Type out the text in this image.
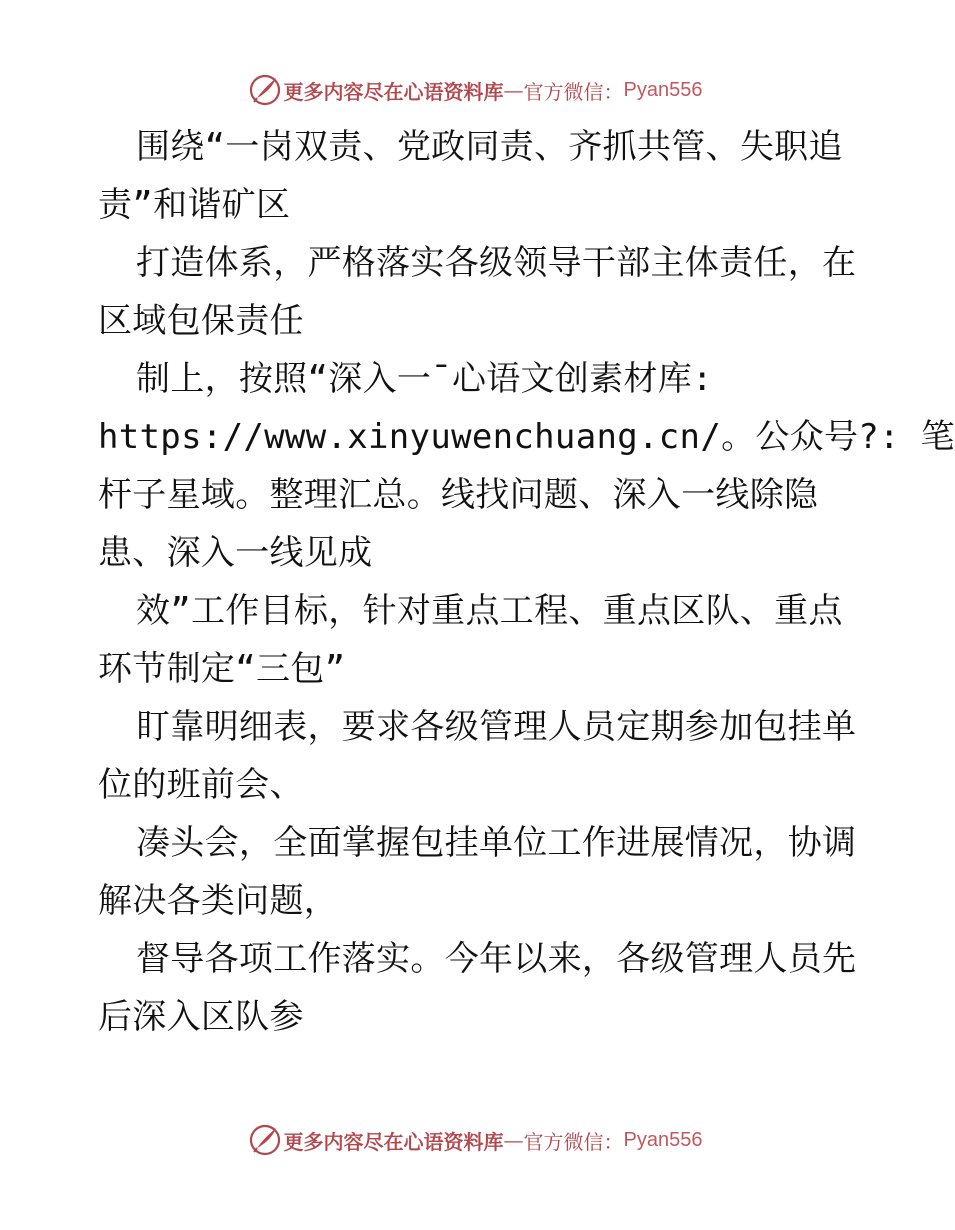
更多内容尽在心语资料库 — 官方微信： Pyan556
围绕“一岗双责、党政同责、齐抓共管、失职追
责”和谐矿区
打造体系，严格落实各级领导干部主体责任，在
区域包保责任
制上，按照“深入一¯心语文创素材库:
https://www.xinyuwenchuang.cn/。公众号?: 笔
杆子星域。整理汇总。线找问题、深入一线除隐
患、深入一线见成
效”工作目标，针对重点工程、重点区队、重点
环节制定“三包”
盯靠明细表，要求各级管理人员定期参加包挂单
位的班前会、
凑头会，全面掌握包挂单位工作进展情况，协调
解决各类问题，
督导各项工作落实。今年以来，各级管理人员先
后深入区队参
更多内容尽在心语资料库 — 官方微信： Pyan556
